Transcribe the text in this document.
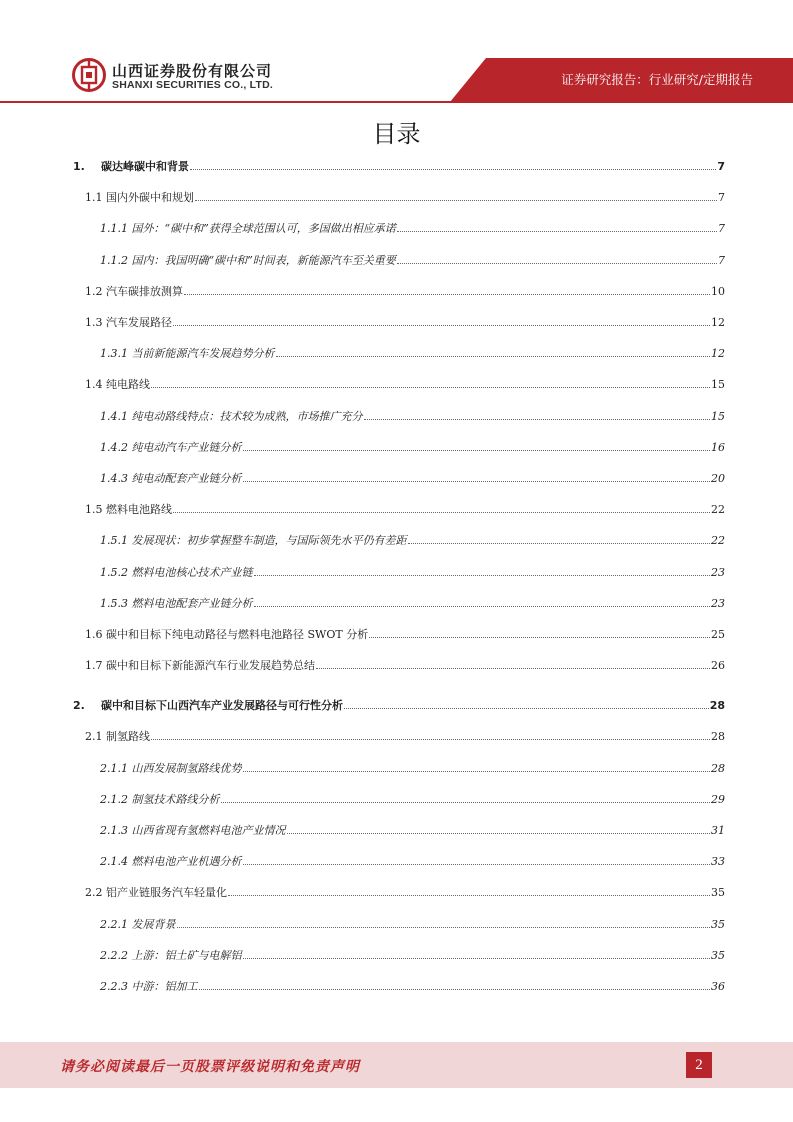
山西证券股份有限公司
SHANXI SECURITIES CO., LTD.	证券研究报告：行业研究/定期报告
目录
1. 碳达峰碳中和背景	7
1.1 国内外碳中和规划	7
1.1.1 国外：“碳中和”获得全球范围认可，多国做出相应承诺	7
1.1.2 国内：我国明确“碳中和”时间表，新能源汽车至关重要	7
1.2 汽车碳排放测算	10
1.3 汽车发展路径	12
1.3.1 当前新能源汽车发展趋势分析	12
1.4 纯电路线	15
1.4.1 纯电动路线特点：技术较为成熟，市场推广充分	15
1.4.2 纯电动汽车产业链分析	16
1.4.3 纯电动配套产业链分析	20
1.5 燃料电池路线	22
1.5.1 发展现状：初步掌握整车制造，与国际领先水平仍有差距	22
1.5.2 燃料电池核心技术产业链	23
1.5.3 燃料电池配套产业链分析	23
1.6 碳中和目标下纯电动路径与燃料电池路径 SWOT 分析	25
1.7 碳中和目标下新能源汽车行业发展趋势总结	26
2. 碳中和目标下山西汽车产业发展路径与可行性分析	28
2.1 制氢路线	28
2.1.1 山西发展制氢路线优势	28
2.1.2 制氢技术路线分析	29
2.1.3 山西省现有氢燃料电池产业情况	31
2.1.4 燃料电池产业机遇分析	33
2.2 铝产业链服务汽车轻量化	35
2.2.1 发展背景	35
2.2.2 上游：铝土矿与电解铝	35
2.2.3 中游：铝加工	36
请务必阅读最后一页股票评级说明和免责声明	2
